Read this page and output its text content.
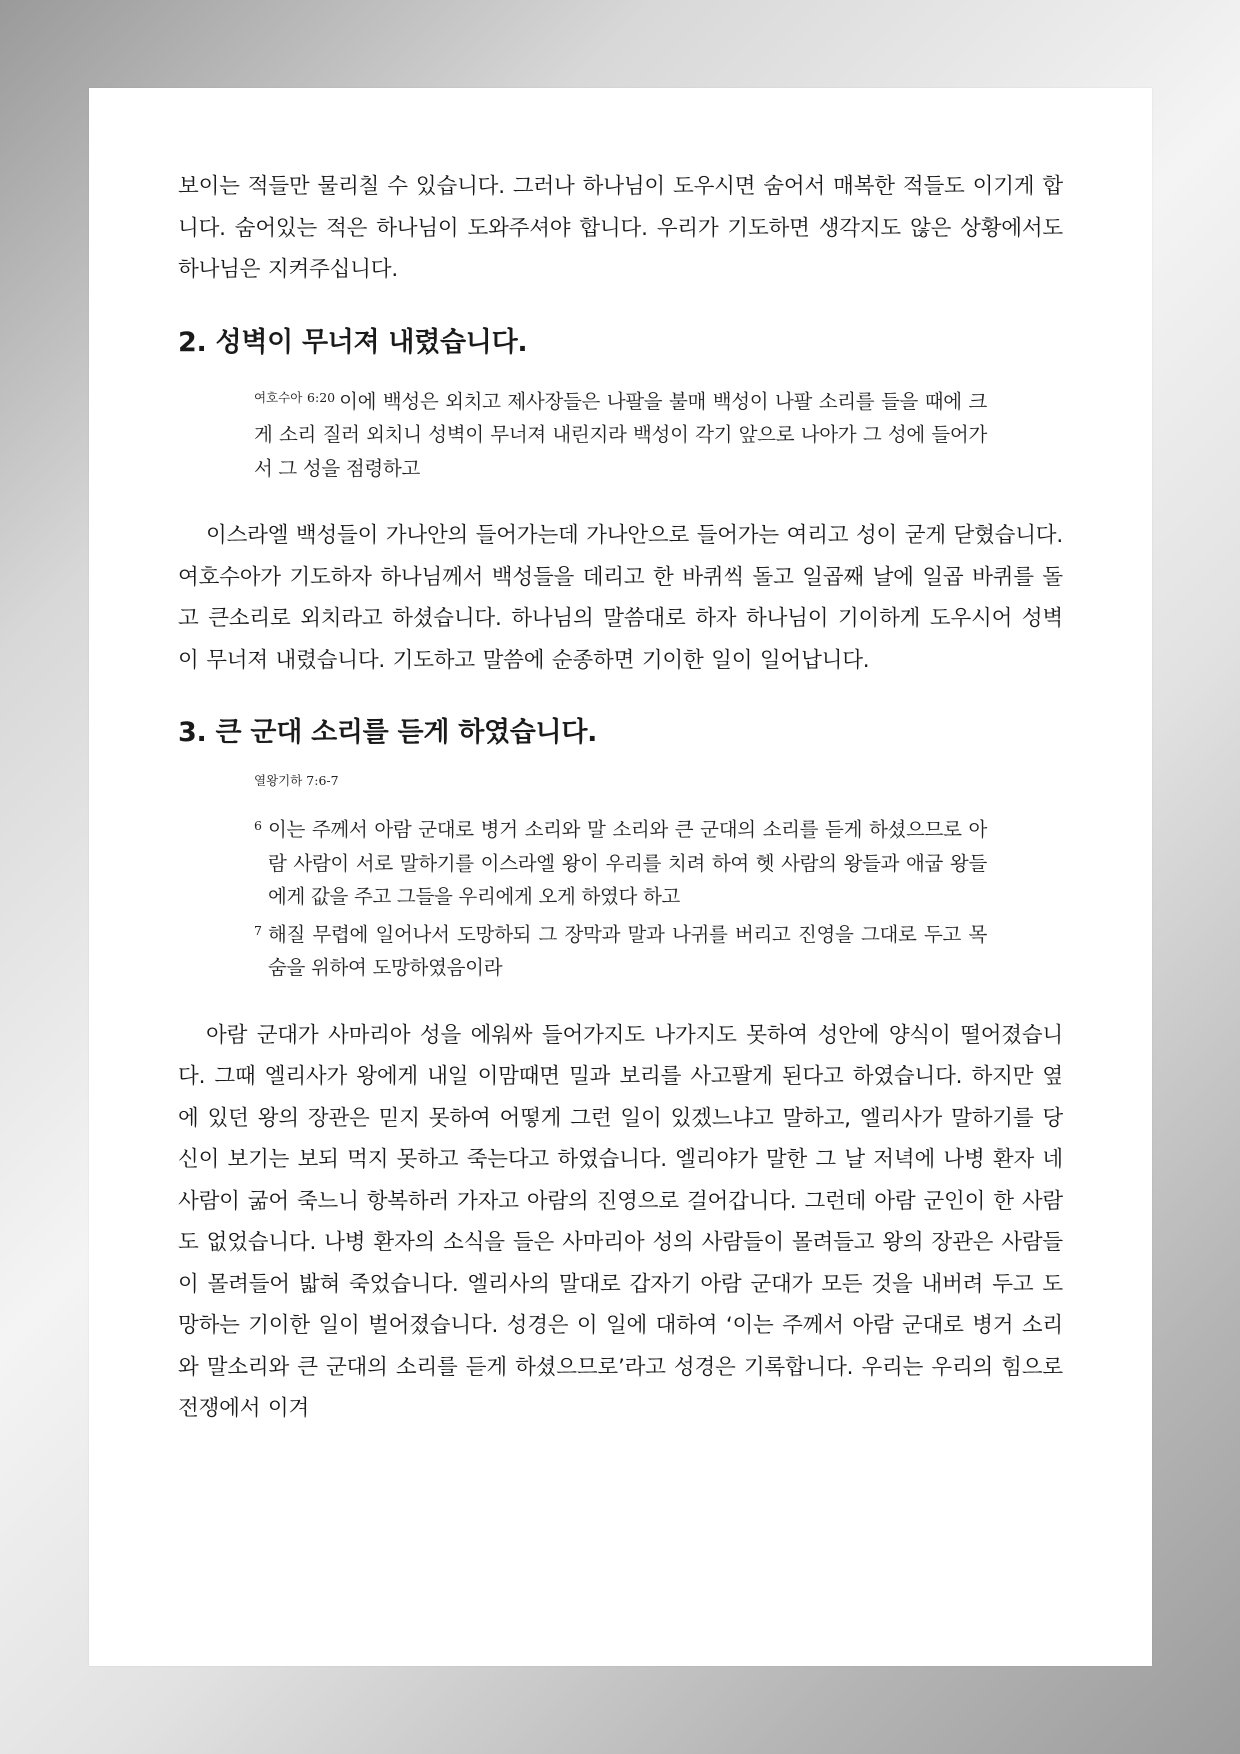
보이는 적들만 물리칠 수 있습니다. 그러나 하나님이 도우시면 숨어서 매복한 적들도 이기게 합니다. 숨어있는 적은 하나님이 도와주셔야 합니다. 우리가 기도하면 생각지도 않은 상황에서도 하나님은 지켜주십니다.

2. 성벽이 무너져 내렸습니다.
$^{여호수아 6:20}$ 이에 백성은 외치고 제사장들은 나팔을 불매 백성이 나팔 소리를 들을 때에 크게 소리 질러 외치니 성벽이 무너져 내린지라 백성이 각기 앞으로 나아가 그 성에 들어가서 그 성을 점령하고

이스라엘 백성들이 가나안의 들어가는데 가나안으로 들어가는 여리고 성이 굳게 닫혔습니다. 여호수아가 기도하자 하나님께서 백성들을 데리고 한 바퀴씩 돌고 일곱째 날에 일곱 바퀴를 돌고 큰소리로 외치라고 하셨습니다. 하나님의 말씀대로 하자 하나님이 기이하게 도우시어 성벽이 무너져 내렸습니다. 기도하고 말씀에 순종하면 기이한 일이 일어납니다.

3. 큰 군대 소리를 듣게 하였습니다.

열왕기하 7:6-7

6 이는 주께서 아람 군대로 병거 소리와 말 소리와 큰 군대의 소리를 듣게 하셨으므로 아람 사람이 서로 말하기를 이스라엘 왕이 우리를 치려 하여 헷 사람의 왕들과 애굽 왕들에게 값을 주고 그들을 우리에게 오게 하였다 하고

7 해질 무렵에 일어나서 도망하되 그 장막과 말과 나귀를 버리고 진영을 그대로 두고 목숨을 위하여 도망하였음이라

아람 군대가 사마리아 성을 에워싸 들어가지도 나가지도 못하여 성안에 양식이 떨어졌습니다. 그때 엘리사가 왕에게 내일 이맘때면 밀과 보리를 사고팔게 된다고 하였습니다. 하지만 옆에 있던 왕의 장관은 믿지 못하여 어떻게 그런 일이 있겠느냐고 말하고, 엘리사가 말하기를 당신이 보기는 보되 먹지 못하고 죽는다고 하였습니다. 엘리야가 말한 그 날 저녁에 나병 환자 네 사람이 굶어 죽느니 항복하러 가자고 아람의 진영으로 걸어갑니다. 그런데 아람 군인이 한 사람도 없었습니다. 나병 환자의 소식을 들은 사마리아 성의 사람들이 몰려들고 왕의 장관은 사람들이 몰려들어 밟혀 죽었습니다. 엘리사의 말대로 갑자기 아람 군대가 모든 것을 내버려 두고 도망하는 기이한 일이 벌어졌습니다. 성경은 이 일에 대하여 ‘이는 주께서 아람 군대로 병거 소리와 말소리와 큰 군대의 소리를 듣게 하셨으므로’라고 성경은 기록합니다. 우리는 우리의 힘으로 전쟁에서 이겨
